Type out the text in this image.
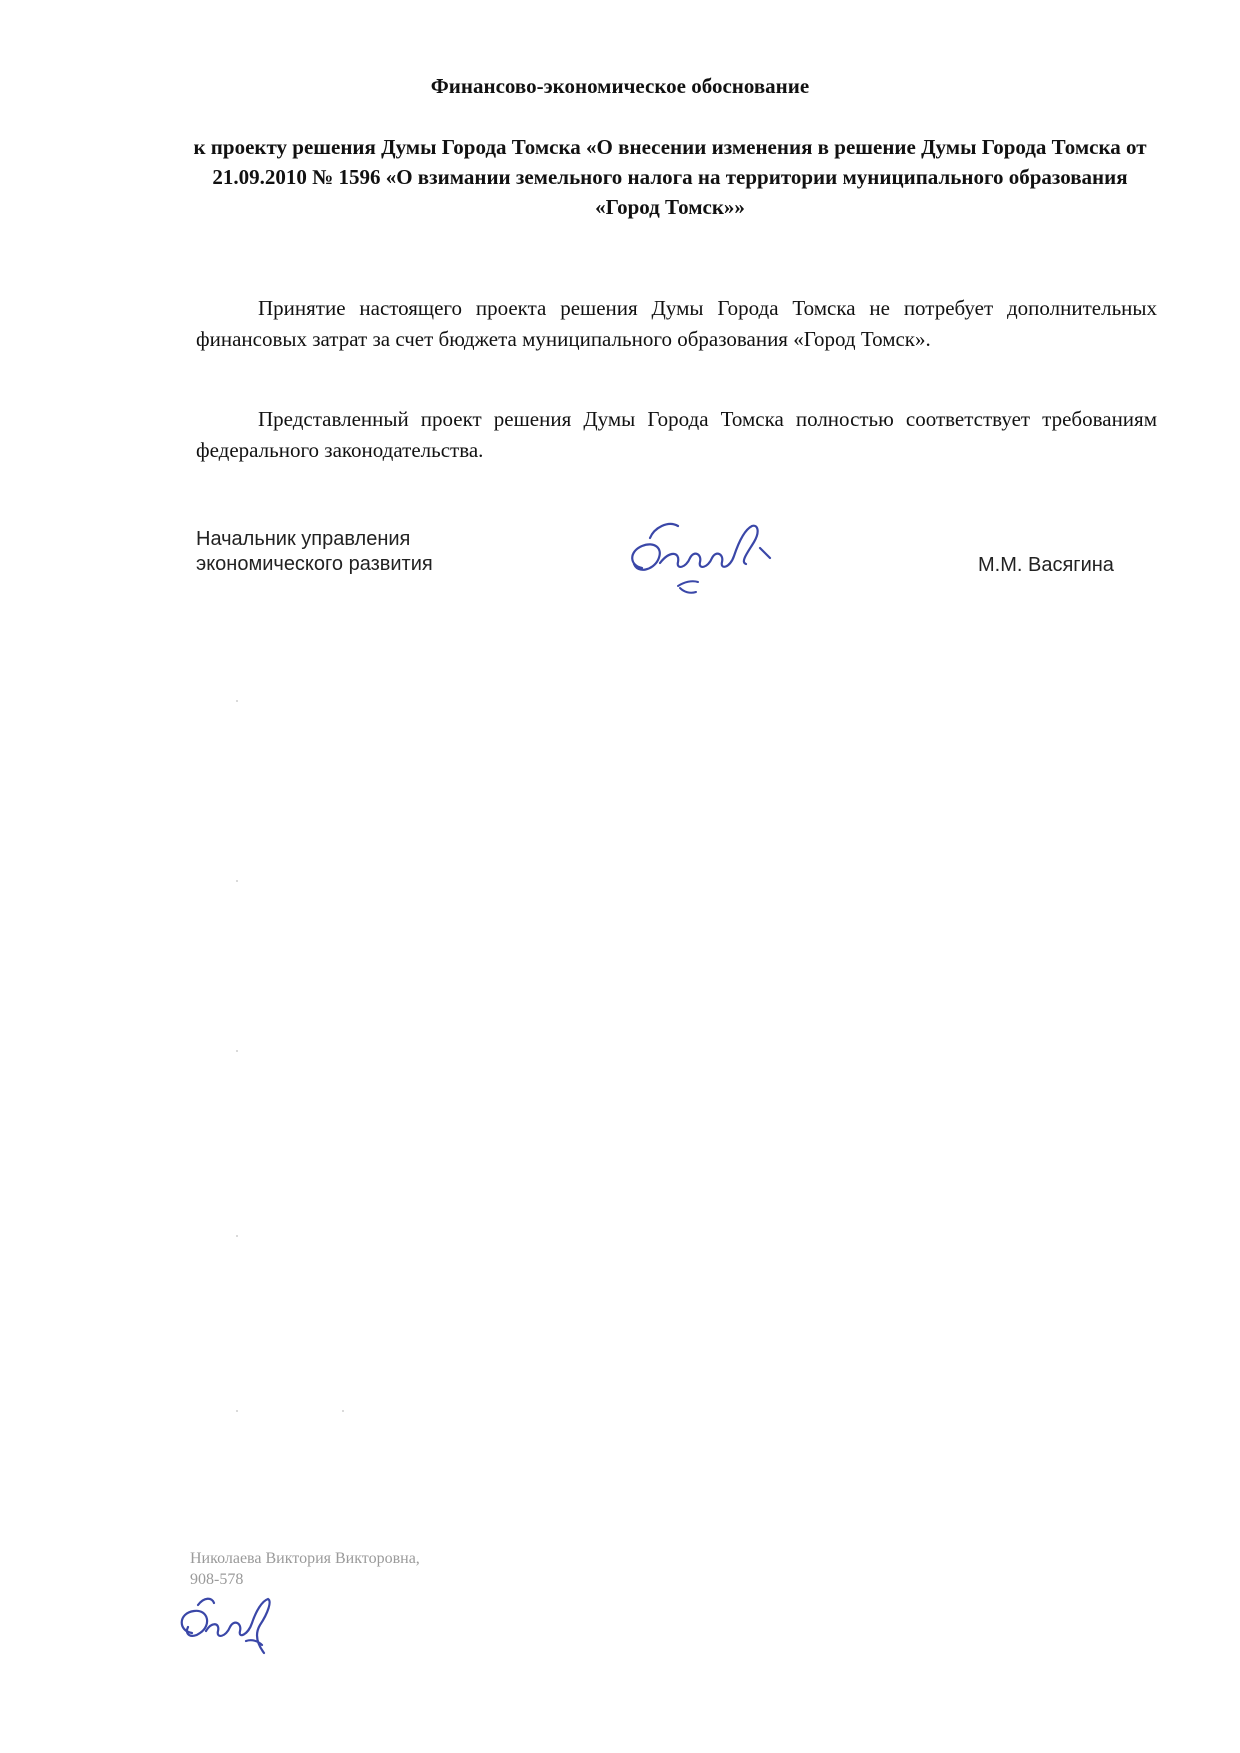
Финансово-экономическое обоснование
к проекту решения Думы Города Томска «О внесении изменения в решение Думы Города Томска от 21.09.2010 № 1596 «О взимании земельного налога на территории муниципального образования «Город Томск»»
Принятие настоящего проекта решения Думы Города Томска не потребует дополнительных финансовых затрат за счет бюджета муниципального образования «Город Томск».
Представленный проект решения Думы Города Томска полностью соответствует требованиям федерального законодательства.
Начальник управления
экономического развития	М.М. Васягина
Николаева Виктория Викторовна,
908-578
